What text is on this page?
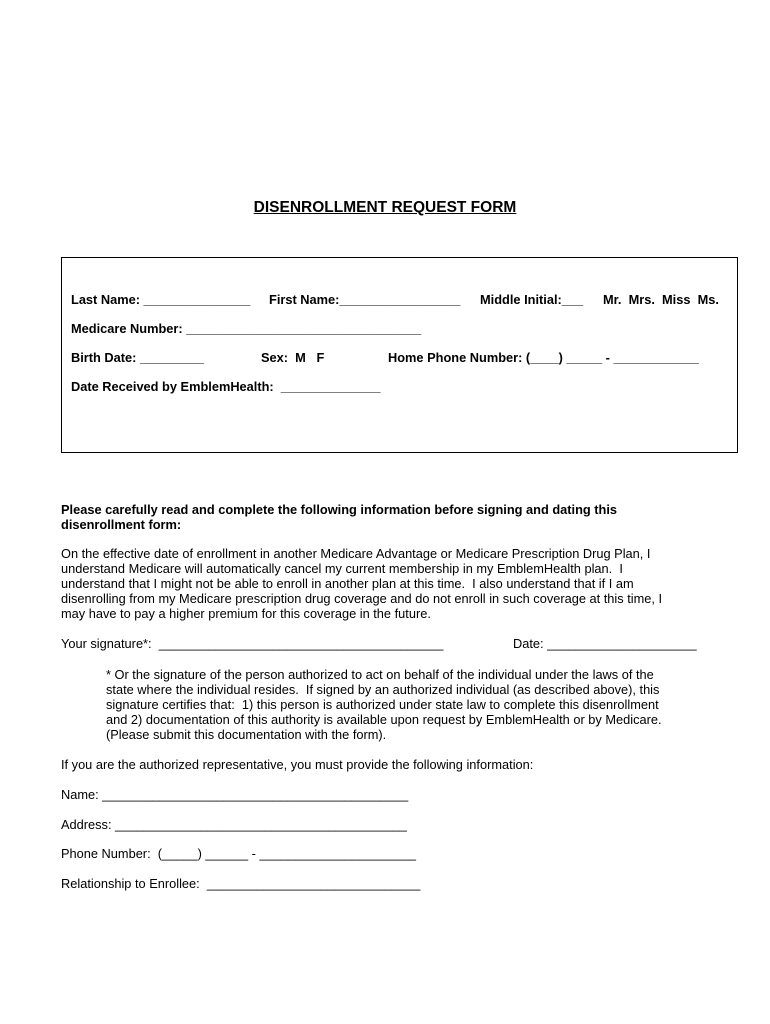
DISENROLLMENT REQUEST FORM
Last Name: _______________ First Name:_________________ Middle Initial:___ Mr.  Mrs.  Miss  Ms.
Medicare Number: _________________________________
Birth Date: _________	Sex:  M   F	Home Phone Number: (____) _____ - ____________
Date Received by EmblemHealth:  ______________
Please carefully read and complete the following information before signing and dating this disenrollment form:
On the effective date of enrollment in another Medicare Advantage or Medicare Prescription Drug Plan, I
understand Medicare will automatically cancel my current membership in my EmblemHealth plan.  I
understand that I might not be able to enroll in another plan at this time.  I also understand that if I am
disenrolling from my Medicare prescription drug coverage and do not enroll in such coverage at this time, I
may have to pay a higher premium for this coverage in the future.
Your signature*:  ________________________________________	Date: _____________________
* Or the signature of the person authorized to act on behalf of the individual under the laws of the
state where the individual resides.  If signed by an authorized individual (as described above), this
signature certifies that:  1) this person is authorized under state law to complete this disenrollment
and 2) documentation of this authority is available upon request by EmblemHealth or by Medicare.
(Please submit this documentation with the form).
If you are the authorized representative, you must provide the following information:
Name: ___________________________________________
Address: _________________________________________
Phone Number:  (_____) ______ - ______________________
Relationship to Enrollee:  ______________________________
